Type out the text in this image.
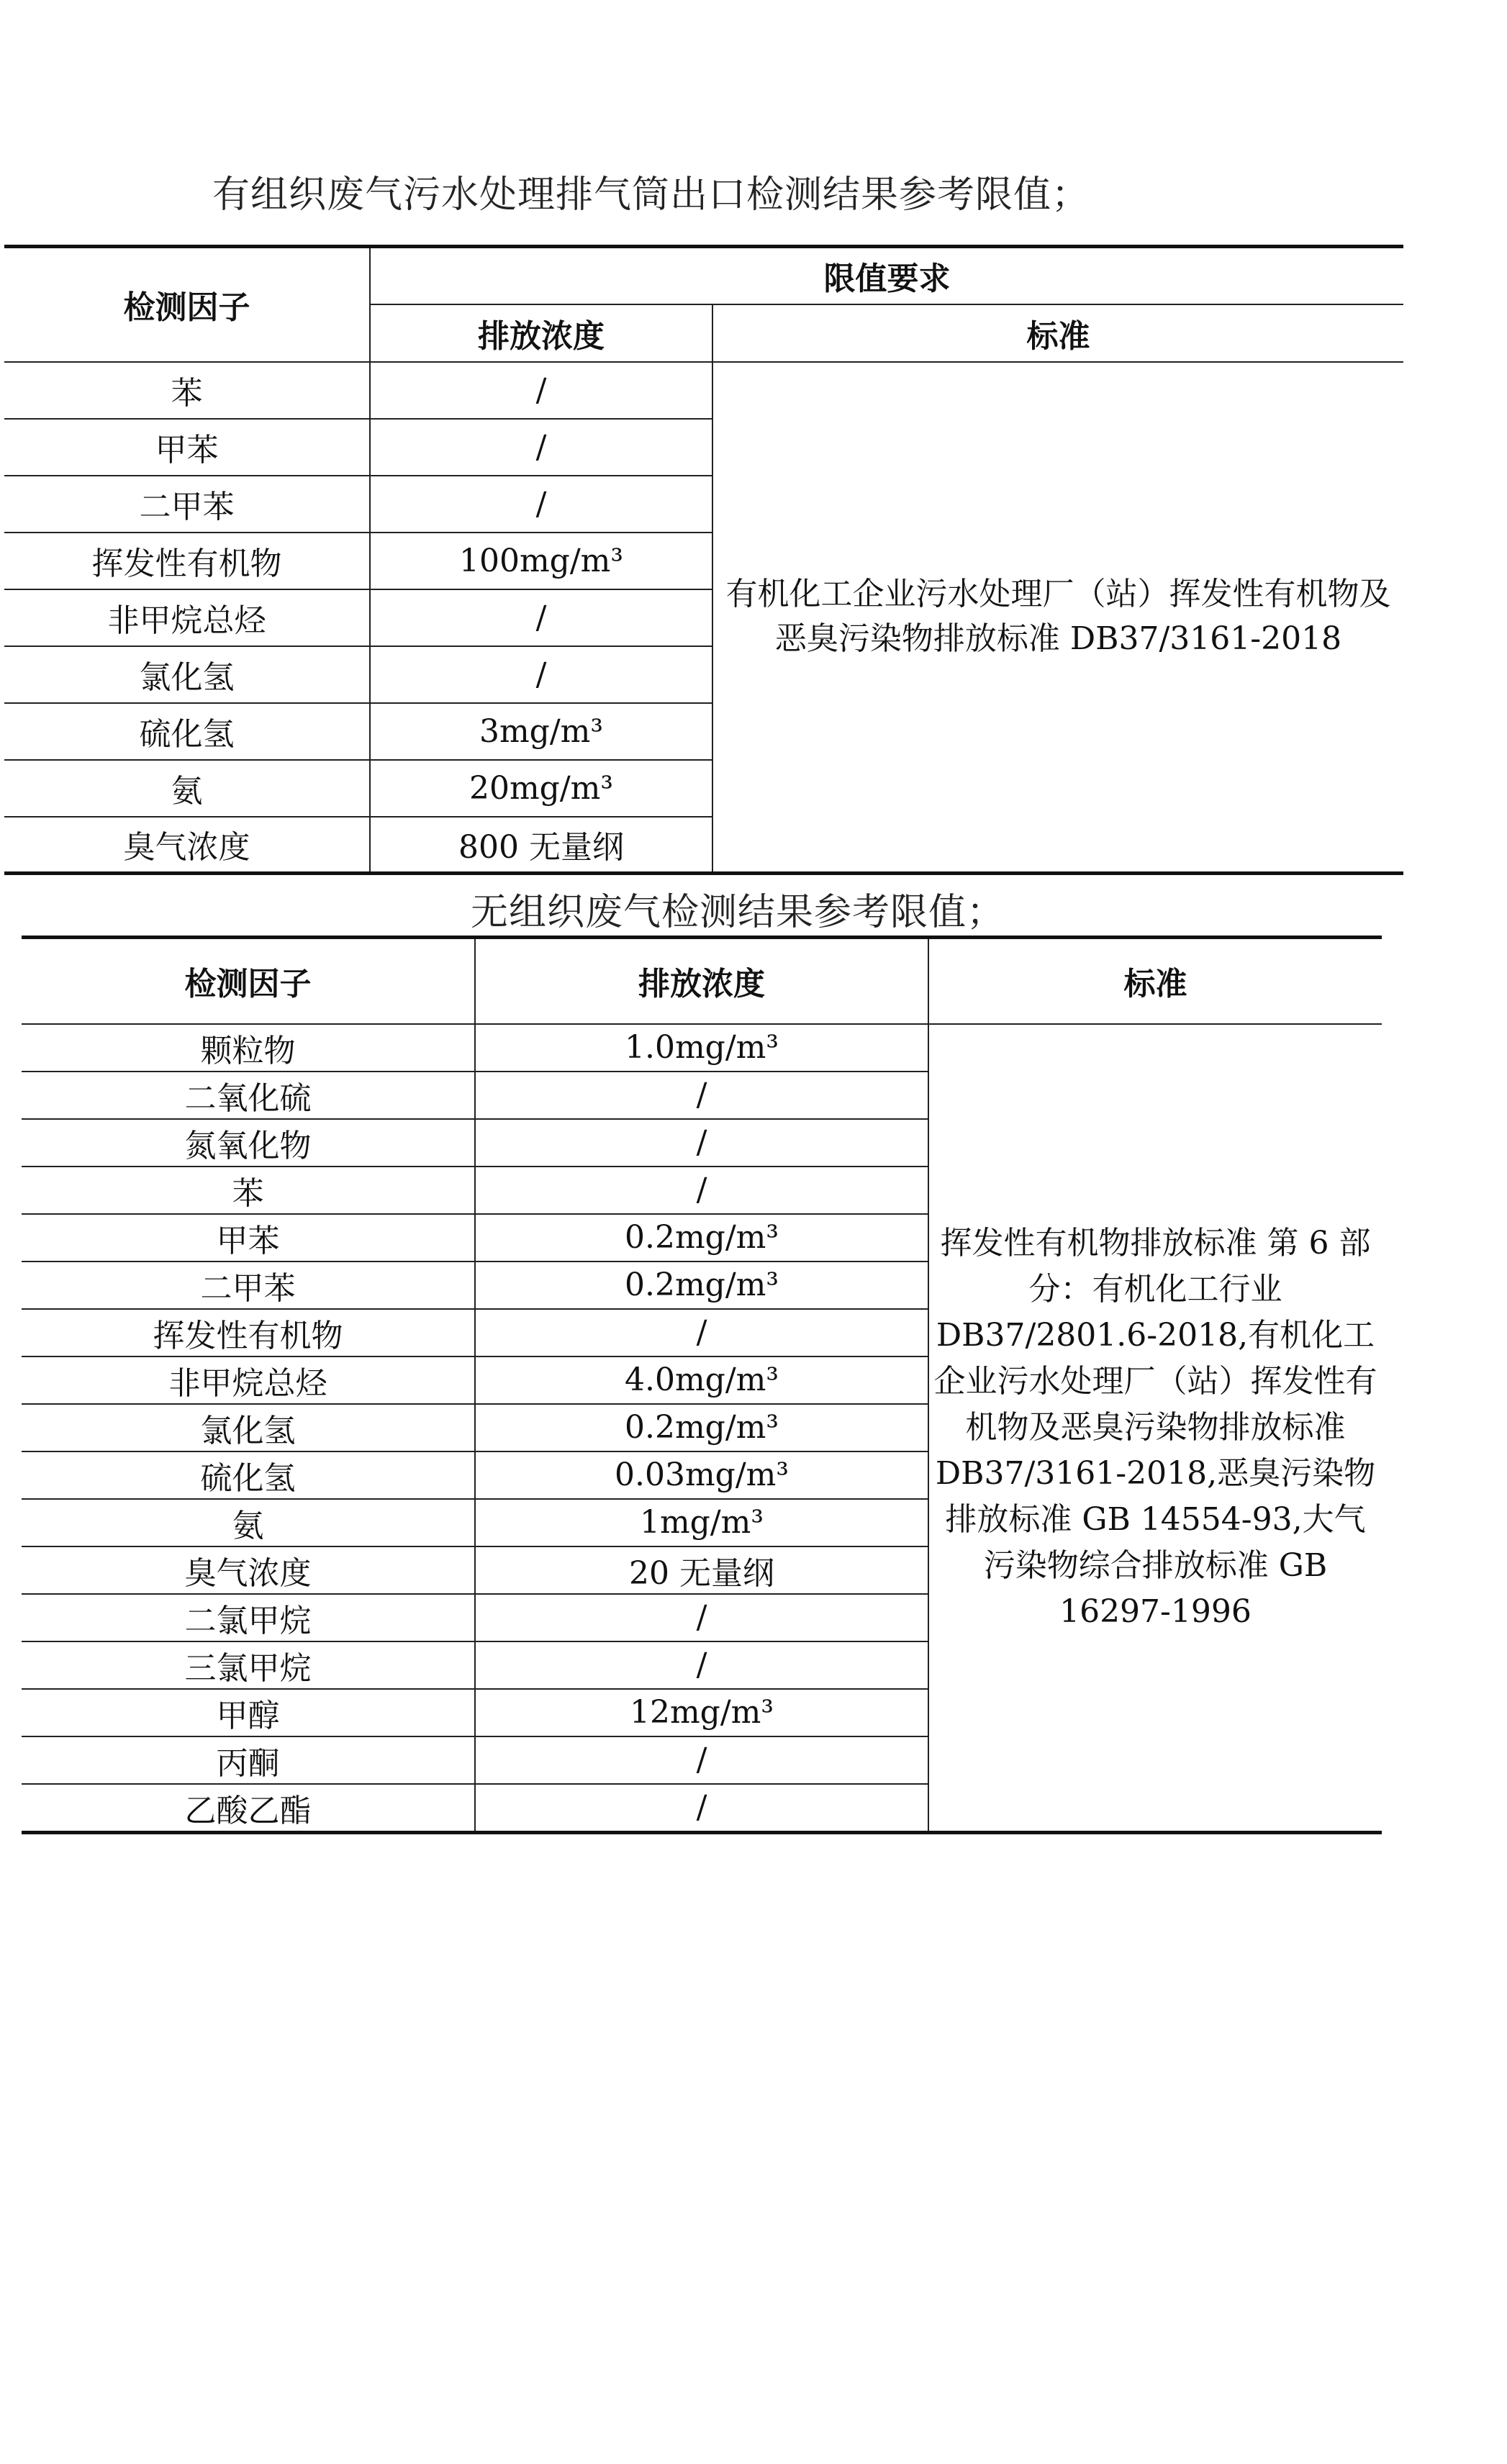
有组织废气污水处理排气筒出口检测结果参考限值；
检测因子	限值要求	
	排放浓度	标准
苯	/	有机化工企业污水处理厂（站）挥发性有机物及恶臭污染物排放标准 DB37/3161-2018
甲苯	/	
二甲苯	/	
挥发性有机物	100mg/m³	
非甲烷总烃	/	
氯化氢	/	
硫化氢	3mg/m³	
氨	20mg/m³	
臭气浓度	800 无量纲	
无组织废气检测结果参考限值；
检测因子	排放浓度	标准
颗粒物	1.0mg/m³	挥发性有机物排放标准 第 6 部分：有机化工行业 DB37/2801.6-2018,有机化工企业污水处理厂（站）挥发性有机物及恶臭污染物排放标准 DB37/3161-2018,恶臭污染物排放标准 GB 14554-93,大气污染物综合排放标准 GB 16297-1996
二氧化硫	/	
氮氧化物	/	
苯	/	
甲苯	0.2mg/m³	
二甲苯	0.2mg/m³	
挥发性有机物	/	
非甲烷总烃	4.0mg/m³	
氯化氢	0.2mg/m³	
硫化氢	0.03mg/m³	
氨	1mg/m³	
臭气浓度	20 无量纲	
二氯甲烷	/	
三氯甲烷	/	
甲醇	12mg/m³	
丙酮	/	
乙酸乙酯	/	
